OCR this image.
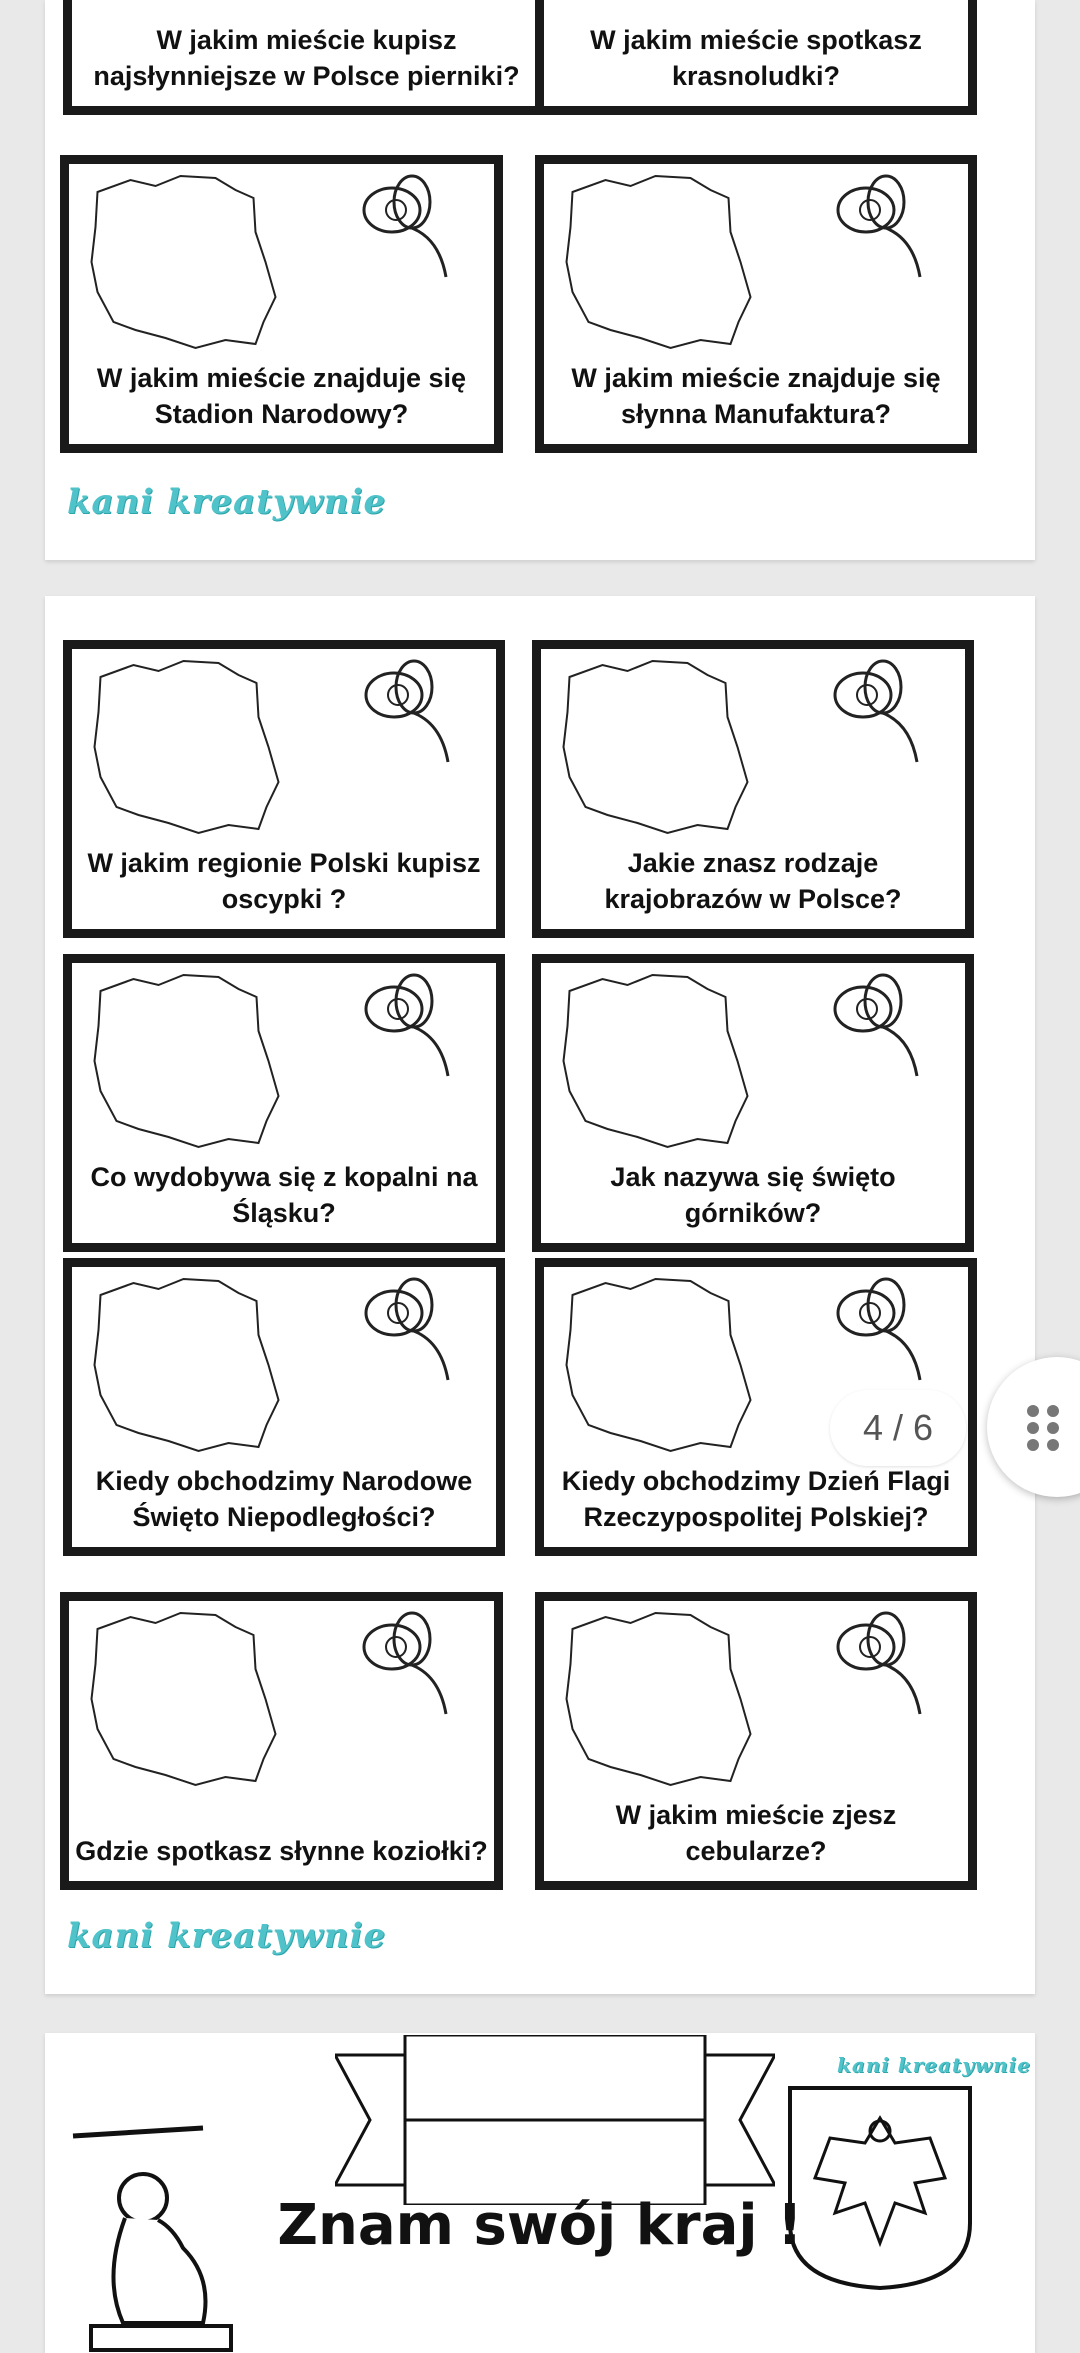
W jakim mieście kupisz najsłynniejsze w Polsce pierniki?
W jakim mieście spotkasz krasnoludki?
W jakim mieście znajduje się Stadion Narodowy?
W jakim mieście znajduje się słynna Manufaktura?
kani kreatywnie
W jakim regionie Polski kupisz oscypki ?
Jakie znasz rodzaje krajobrazów w Polsce?
Co wydobywa się z kopalni na Śląsku?
Jak nazywa się święto górników?
Kiedy obchodzimy Narodowe Święto Niepodległości?
Kiedy obchodzimy Dzień Flagi Rzeczypospolitej Polskiej?
Gdzie spotkasz słynne koziołki?
W jakim mieście zjesz cebularze?
kani kreatywnie
kani kreatywnie
Znam swój kraj !
4 / 6
